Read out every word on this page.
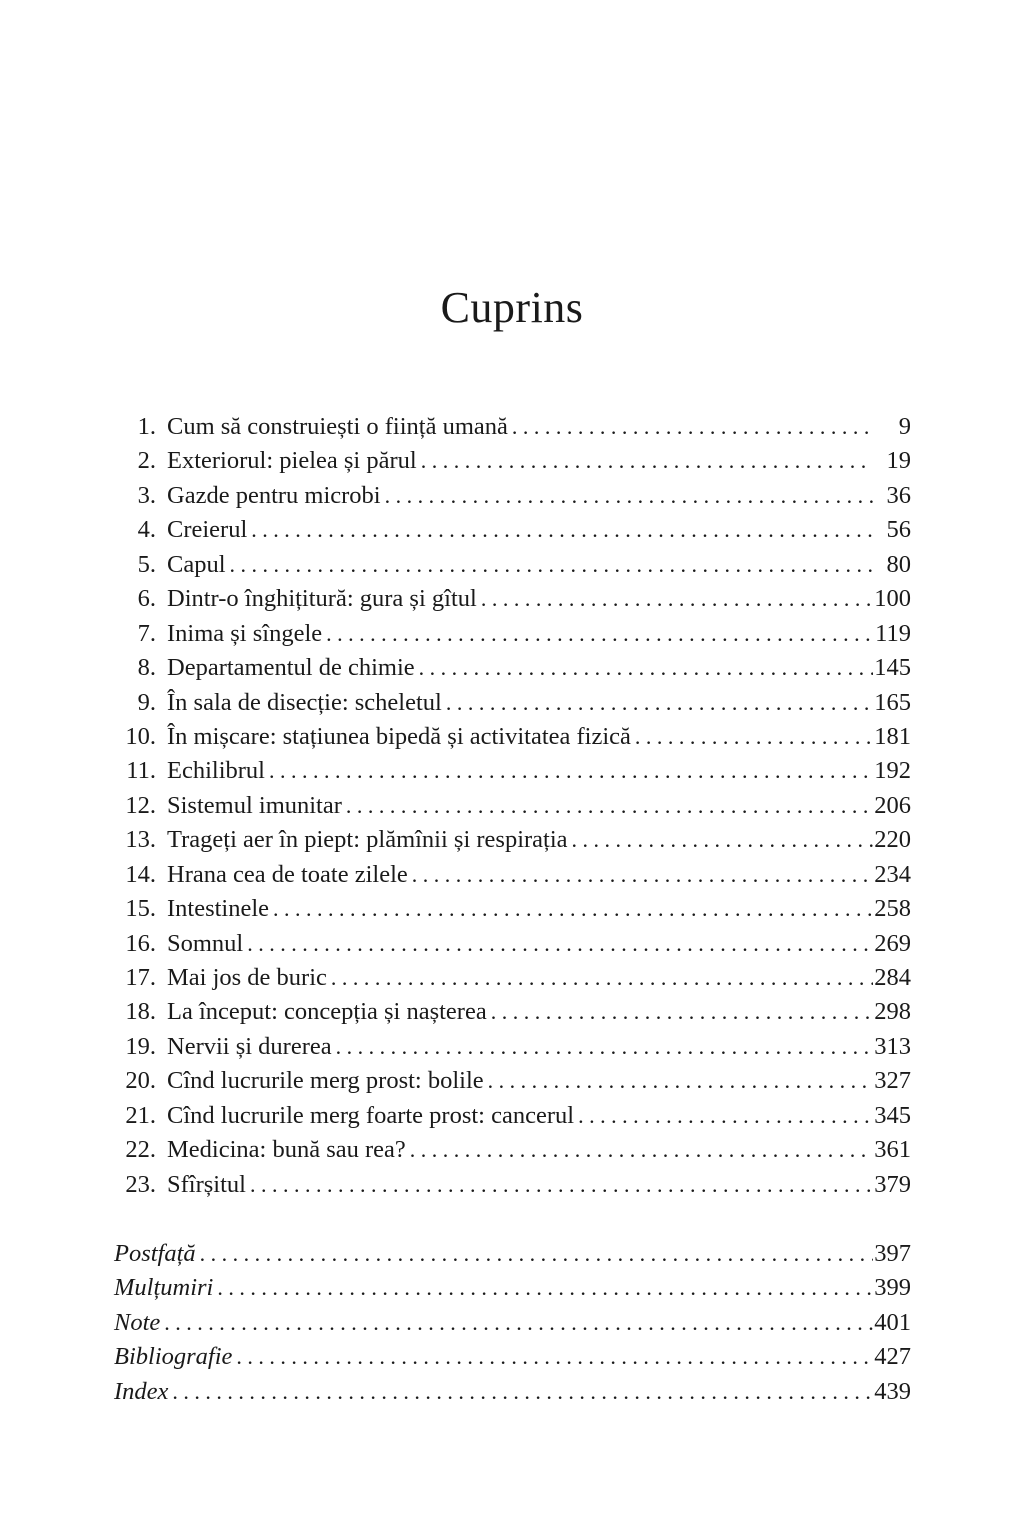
Cuprins
1. Cum să construiești o ființă umană . . .	9
2. Exteriorul: pielea și părul . . .	19
3. Gazde pentru microbi . . .	36
4. Creierul . . .	56
5. Capul . . .	80
6. Dintr-o înghițitură: gura și gîtul . . .	100
7. Inima și sîngele . . .	119
8. Departamentul de chimie . . .	145
9. În sala de disecție: scheletul . . .	165
10. În mișcare: stațiunea bipedă și activitatea fizică . . .	181
11. Echilibrul . . .	192
12. Sistemul imunitar . . .	206
13. Trageți aer în piept: plămînii și respirația . . .	220
14. Hrana cea de toate zilele . . .	234
15. Intestinele . . .	258
16. Somnul . . .	269
17. Mai jos de buric . . .	284
18. La început: concepția și nașterea . . .	298
19. Nervii și durerea . . .	313
20. Cînd lucrurile merg prost: bolile . . .	327
21. Cînd lucrurile merg foarte prost: cancerul . . .	345
22. Medicina: bună sau rea? . . .	361
23. Sfîrșitul . . .	379
Postfață . . .	397
Mulțumiri . . .	399
Note . . .	401
Bibliografie . . .	427
Index . . .	439
